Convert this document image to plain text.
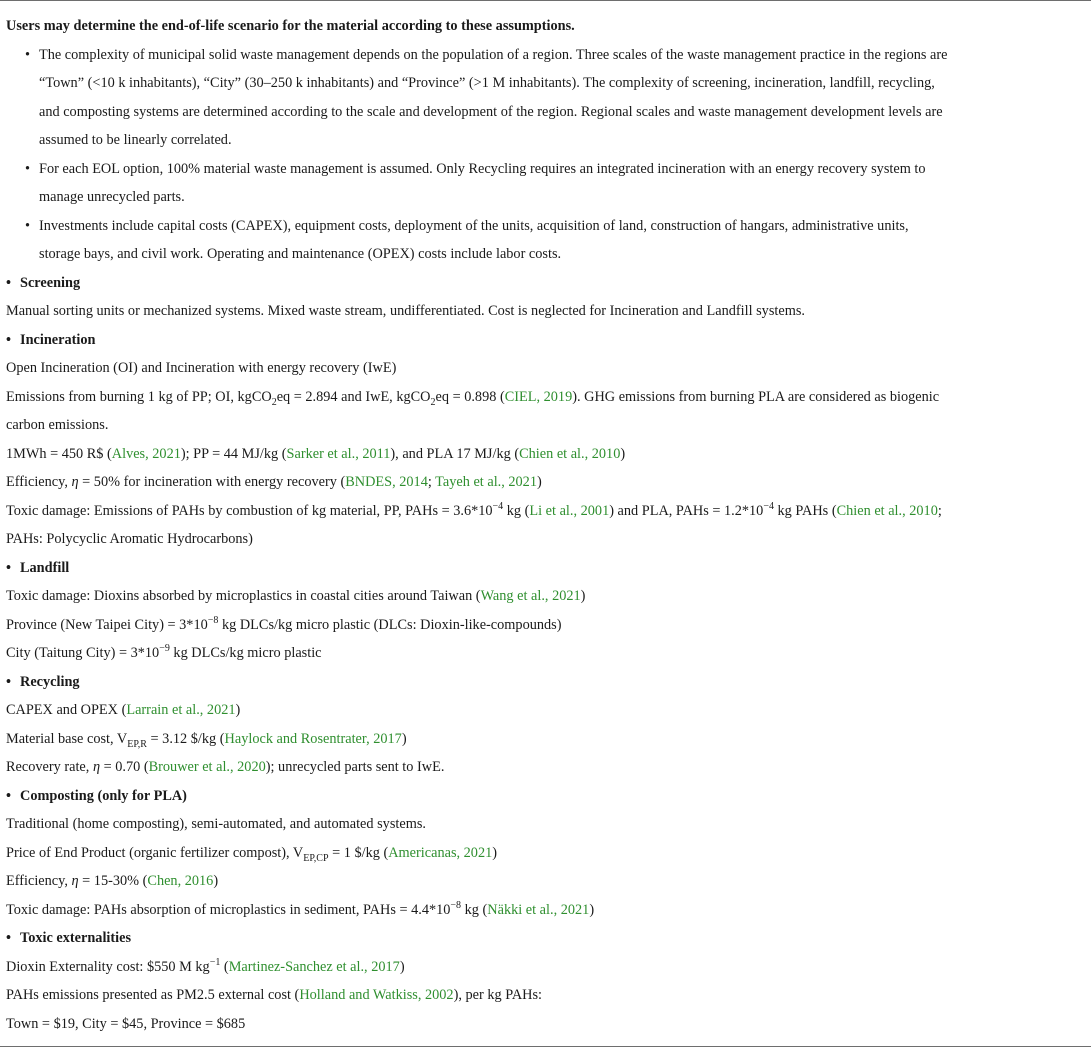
Users may determine the end-of-life scenario for the material according to these assumptions.
• The complexity of municipal solid waste management depends on the population of a region. Three scales of the waste management practice in the regions are
“Town” (<10 k inhabitants), “City” (30–250 k inhabitants) and “Province” (>1 M inhabitants). The complexity of screening, incineration, landfill, recycling,
and composting systems are determined according to the scale and development of the region. Regional scales and waste management development levels are
assumed to be linearly correlated.
• For each EOL option, 100% material waste management is assumed. Only Recycling requires an integrated incineration with an energy recovery system to
manage unrecycled parts.
• Investments include capital costs (CAPEX), equipment costs, deployment of the units, acquisition of land, construction of hangars, administrative units,
storage bays, and civil work. Operating and maintenance (OPEX) costs include labor costs.
• Screening
Manual sorting units or mechanized systems. Mixed waste stream, undifferentiated. Cost is neglected for Incineration and Landfill systems.
• Incineration
Open Incineration (OI) and Incineration with energy recovery (IwE)
Emissions from burning 1 kg of PP; OI, kgCO$_2$eq = 2.894 and IwE, kgCO$_2$eq = 0.898 (CIEL, 2019). GHG emissions from burning PLA are considered as biogenic
carbon emissions.
1MWh = 450 R$ (Alves, 2021); PP = 44 MJ/kg (Sarker et al., 2011), and PLA 17 MJ/kg (Chien et al., 2010)
Efficiency, η = 50% for incineration with energy recovery (BNDES, 2014; Tayeh et al., 2021)
Toxic damage: Emissions of PAHs by combustion of kg material, PP, PAHs = $3.6*10^{-4}$ kg (Li et al., 2001) and PLA, PAHs = $1.2*10^{-4}$ kg PAHs (Chien et al., 2010;
PAHs: Polycyclic Aromatic Hydrocarbons)
• Landfill
Toxic damage: Dioxins absorbed by microplastics in coastal cities around Taiwan (Wang et al., 2021)
Province (New Taipei City) = $3*10^{-8}$ kg DLCs/kg micro plastic (DLCs: Dioxin-like-compounds)
City (Taitung City) = $3*10^{-9}$ kg DLCs/kg micro plastic
• Recycling
CAPEX and OPEX (Larrain et al., 2021)
Material base cost, $V_{EP,R} = 3.12$ $/kg (Haylock and Rosentrater, 2017)
Recovery rate, η = 0.70 (Brouwer et al., 2020); unrecycled parts sent to IwE.
• Composting (only for PLA)
Traditional (home composting), semi-automated, and automated systems.
Price of End Product (organic fertilizer compost), $V_{EP,CP} = 1$ $/kg (Americanas, 2021)
Efficiency, η = 15-30% (Chen, 2016)
Toxic damage: PAHs absorption of microplastics in sediment, PAHs = $4.4*10^{-8}$ kg (Näkki et al., 2021)
• Toxic externalities
Dioxin Externality cost: $550 M $kg^{-1}$ (Martinez-Sanchez et al., 2017)
PAHs emissions presented as PM2.5 external cost (Holland and Watkiss, 2002), per kg PAHs:
Town = $19, City = $45, Province = $685
